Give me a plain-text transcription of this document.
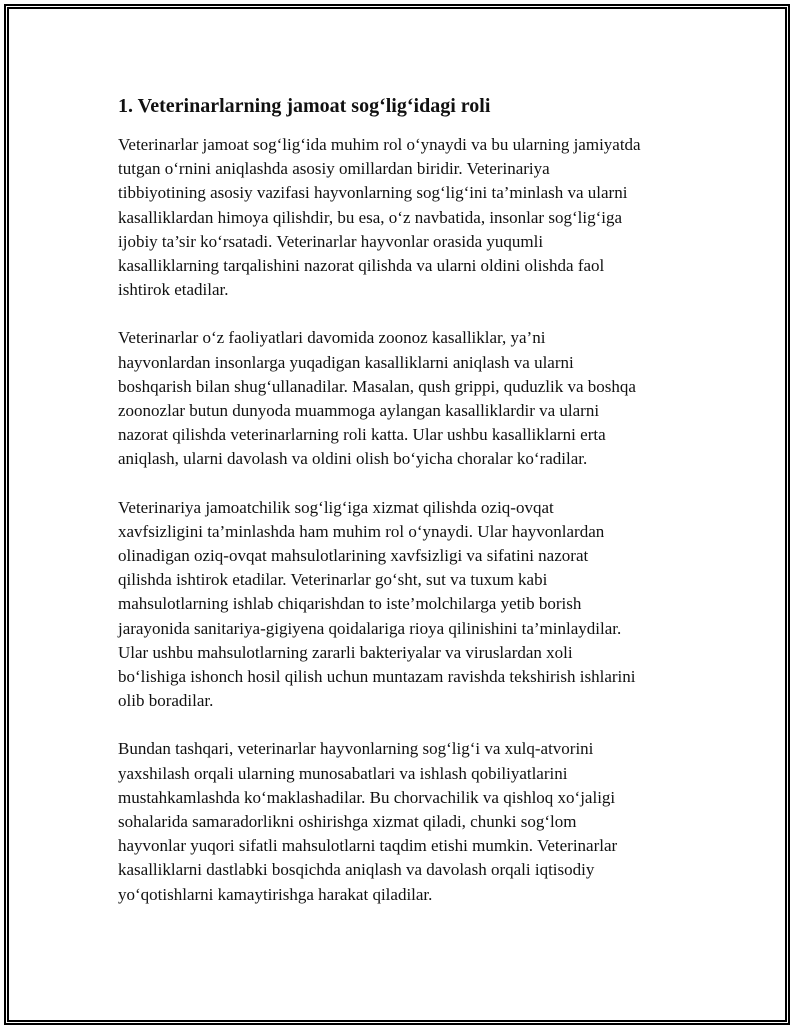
1. Veterinarlarning jamoat sog‘lig‘idagi roli

Veterinarlar jamoat sog‘lig‘ida muhim rol o‘ynaydi va bu ularning jamiyatda
tutgan o‘rnini aniqlashda asosiy omillardan biridir. Veterinariya
tibbiyotining asosiy vazifasi hayvonlarning sog‘lig‘ini ta’minlash va ularni
kasalliklardan himoya qilishdir, bu esa, o‘z navbatida, insonlar sog‘lig‘iga
ijobiy ta’sir ko‘rsatadi. Veterinarlar hayvonlar orasida yuqumli
kasalliklarning tarqalishini nazorat qilishda va ularni oldini olishda faol
ishtirok etadilar.

Veterinarlar o‘z faoliyatlari davomida zoonoz kasalliklar, ya’ni
hayvonlardan insonlarga yuqadigan kasalliklarni aniqlash va ularni
boshqarish bilan shug‘ullanadilar. Masalan, qush grippi, quduzlik va boshqa
zoonozlar butun dunyoda muammoga aylangan kasalliklardir va ularni
nazorat qilishda veterinarlarning roli katta. Ular ushbu kasalliklarni erta
aniqlash, ularni davolash va oldini olish bo‘yicha choralar ko‘radilar.

Veterinariya jamoatchilik sog‘lig‘iga xizmat qilishda oziq-ovqat
xavfsizligini ta’minlashda ham muhim rol o‘ynaydi. Ular hayvonlardan
olinadigan oziq-ovqat mahsulotlarining xavfsizligi va sifatini nazorat
qilishda ishtirok etadilar. Veterinarlar go‘sht, sut va tuxum kabi
mahsulotlarning ishlab chiqarishdan to iste’molchilarga yetib borish
jarayonida sanitariya-gigiyena qoidalariga rioya qilinishini ta’minlaydilar.
Ular ushbu mahsulotlarning zararli bakteriyalar va viruslardan xoli
bo‘lishiga ishonch hosil qilish uchun muntazam ravishda tekshirish ishlarini
olib boradilar.

Bundan tashqari, veterinarlar hayvonlarning sog‘lig‘i va xulq-atvorini
yaxshilash orqali ularning munosabatlari va ishlash qobiliyatlarini
mustahkamlashda ko‘maklashadilar. Bu chorvachilik va qishloq xo‘jaligi
sohalarida samaradorlikni oshirishga xizmat qiladi, chunki sog‘lom
hayvonlar yuqori sifatli mahsulotlarni taqdim etishi mumkin. Veterinarlar
kasalliklarni dastlabki bosqichda aniqlash va davolash orqali iqtisodiy
yo‘qotishlarni kamaytirishga harakat qiladilar.
